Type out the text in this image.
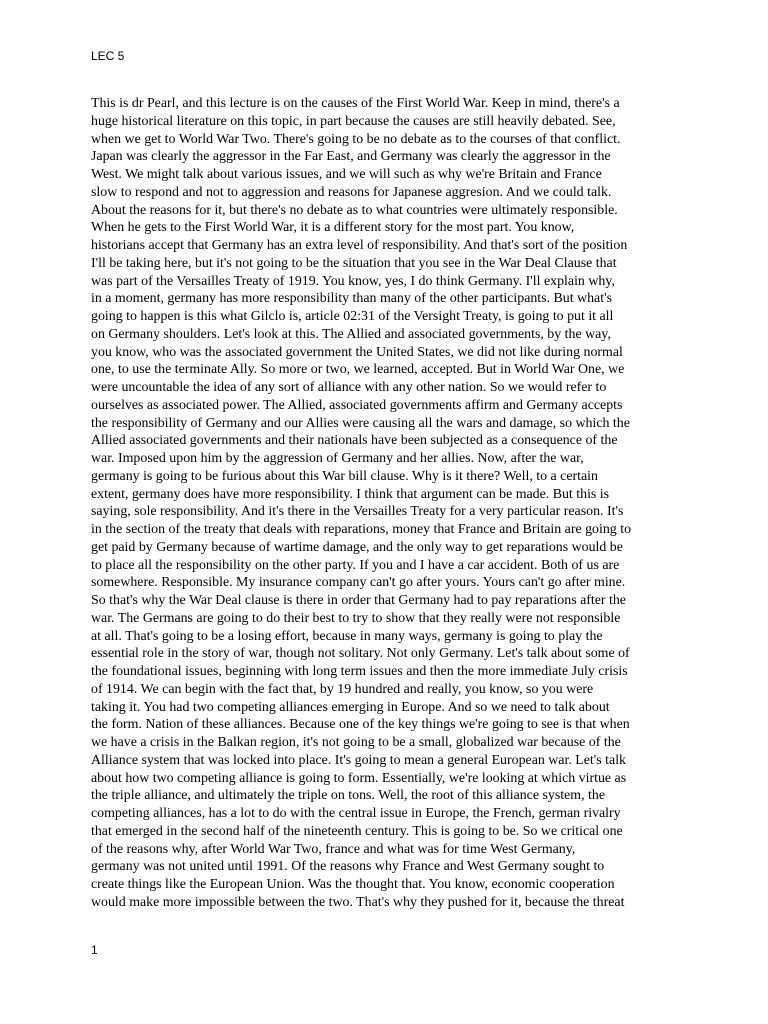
LEC 5
This is dr Pearl, and this lecture is on the causes of the First World War. Keep in mind, there's a
huge historical literature on this topic, in part because the causes are still heavily debated. See,
when we get to World War Two. There's going to be no debate as to the courses of that conflict.
Japan was clearly the aggressor in the Far East, and Germany was clearly the aggressor in the
West. We might talk about various issues, and we will such as why we're Britain and France
slow to respond and not to aggression and reasons for Japanese aggresion. And we could talk.
About the reasons for it, but there's no debate as to what countries were ultimately responsible.
When he gets to the First World War, it is a different story for the most part. You know,
historians accept that Germany has an extra level of responsibility. And that's sort of the position
I'll be taking here, but it's not going to be the situation that you see in the War Deal Clause that
was part of the Versailles Treaty of 1919. You know, yes, I do think Germany. I'll explain why,
in a moment, germany has more responsibility than many of the other participants. But what's
going to happen is this what Gilclo is, article 02:31 of the Versight Treaty, is going to put it all
on Germany shoulders. Let's look at this. The Allied and associated governments, by the way,
you know, who was the associated government the United States, we did not like during normal
one, to use the terminate Ally. So more or two, we learned, accepted. But in World War One, we
were uncountable the idea of any sort of alliance with any other nation. So we would refer to
ourselves as associated power. The Allied, associated governments affirm and Germany accepts
the responsibility of Germany and our Allies were causing all the wars and damage, so which the
Allied associated governments and their nationals have been subjected as a consequence of the
war. Imposed upon him by the aggression of Germany and her allies. Now, after the war,
germany is going to be furious about this War bill clause. Why is it there? Well, to a certain
extent, germany does have more responsibility. I think that argument can be made. But this is
saying, sole responsibility. And it's there in the Versailles Treaty for a very particular reason. It's
in the section of the treaty that deals with reparations, money that France and Britain are going to
get paid by Germany because of wartime damage, and the only way to get reparations would be
to place all the responsibility on the other party. If you and I have a car accident. Both of us are
somewhere. Responsible. My insurance company can't go after yours. Yours can't go after mine.
So that's why the War Deal clause is there in order that Germany had to pay reparations after the
war. The Germans are going to do their best to try to show that they really were not responsible
at all. That's going to be a losing effort, because in many ways, germany is going to play the
essential role in the story of war, though not solitary. Not only Germany. Let's talk about some of
the foundational issues, beginning with long term issues and then the more immediate July crisis
of 1914. We can begin with the fact that, by 19 hundred and really, you know, so you were
taking it. You had two competing alliances emerging in Europe. And so we need to talk about
the form. Nation of these alliances. Because one of the key things we're going to see is that when
we have a crisis in the Balkan region, it's not going to be a small, globalized war because of the
Alliance system that was locked into place. It's going to mean a general European war. Let's talk
about how two competing alliance is going to form. Essentially, we're looking at which virtue as
the triple alliance, and ultimately the triple on tons. Well, the root of this alliance system, the
competing alliances, has a lot to do with the central issue in Europe, the French, german rivalry
that emerged in the second half of the nineteenth century. This is going to be. So we critical one
of the reasons why, after World War Two, france and what was for time West Germany,
germany was not united until 1991. Of the reasons why France and West Germany sought to
create things like the European Union. Was the thought that. You know, economic cooperation
would make more impossible between the two. That's why they pushed for it, because the threat
1
